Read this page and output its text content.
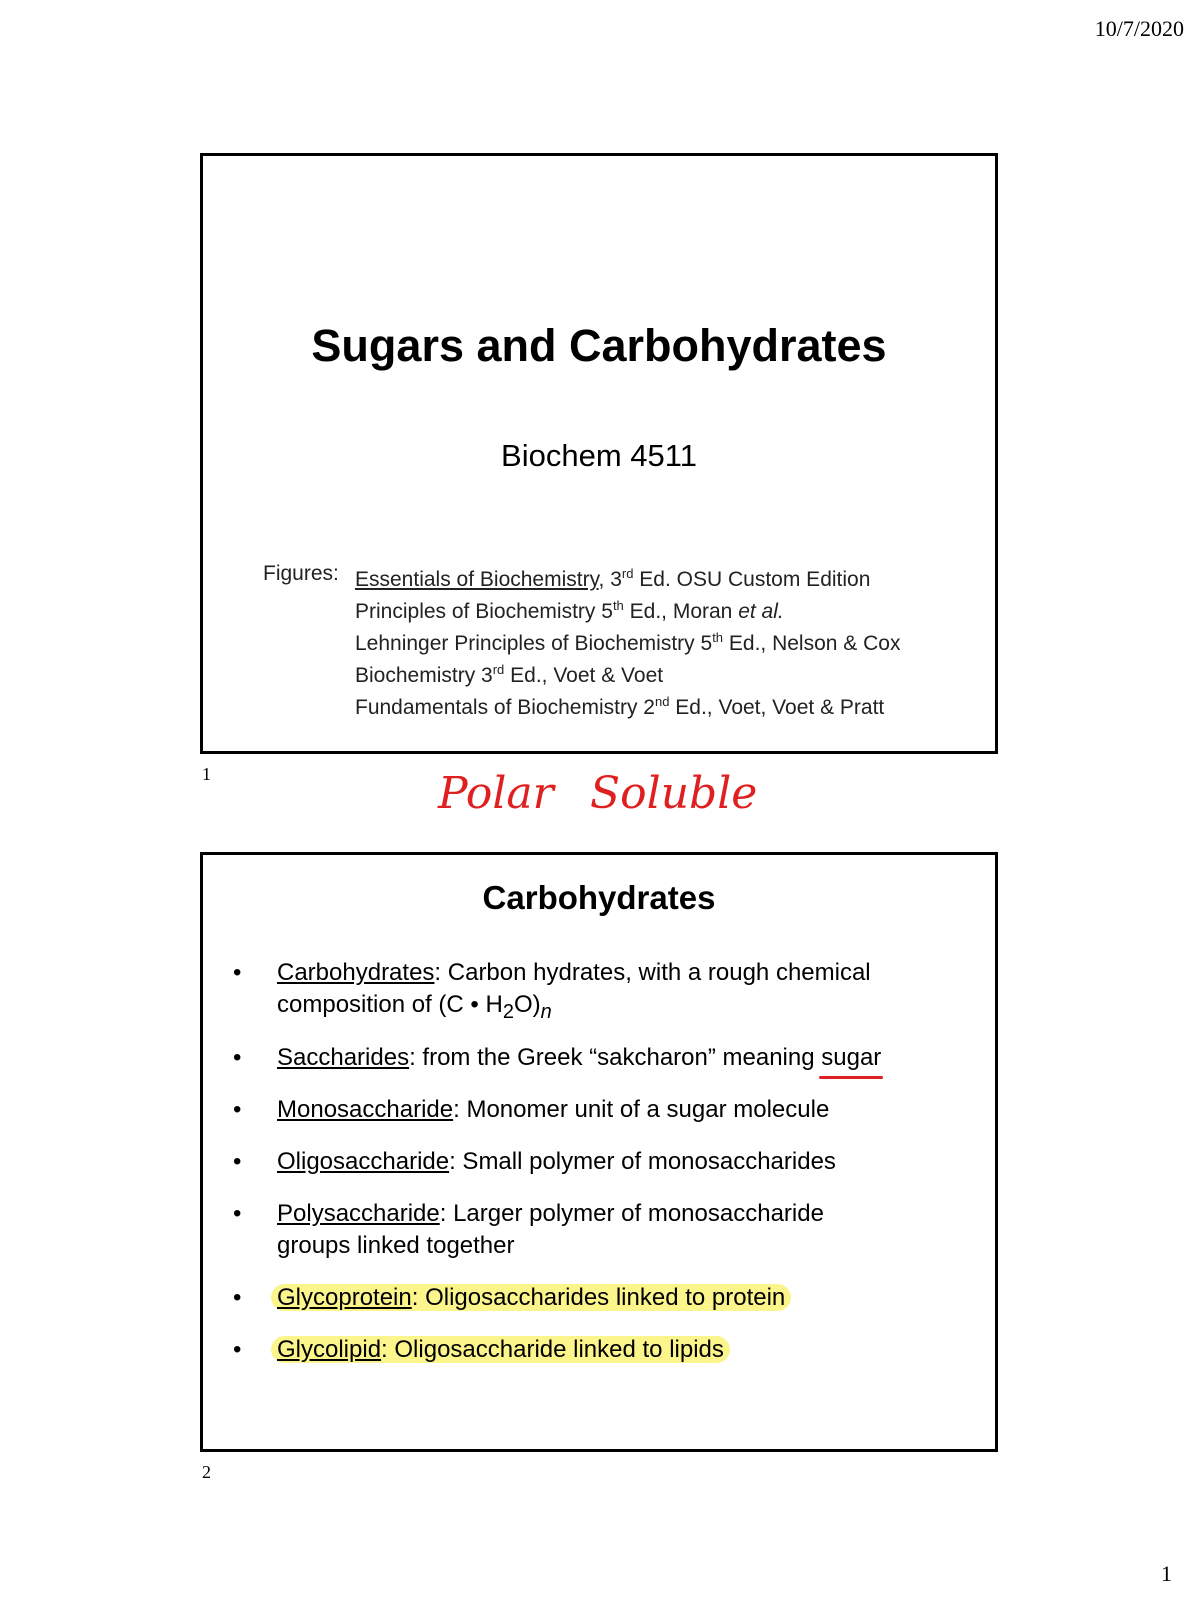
10/7/2020
Sugars and Carbohydrates
Biochem 4511
Figures: Essentials of Biochemistry, 3rd Ed. OSU Custom Edition
Principles of Biochemistry 5th Ed., Moran et al.
Lehninger Principles of Biochemistry 5th Ed., Nelson & Cox
Biochemistry 3rd Ed., Voet & Voet
Fundamentals of Biochemistry 2nd Ed., Voet, Voet & Pratt
1	Polar Soluble
Carbohydrates
• Carbohydrates: Carbon hydrates, with a rough chemical
composition of (C • $H_2O)_n$
• Saccharides: from the Greek “sakcharon” meaning sugar
• Monosaccharide: Monomer unit of a sugar molecule
• Oligosaccharide: Small polymer of monosaccharides
• Polysaccharide: Larger polymer of monosaccharide
groups linked together
• Glycoprotein: Oligosaccharides linked to protein
• Glycolipid: Oligosaccharide linked to lipids
2
1
